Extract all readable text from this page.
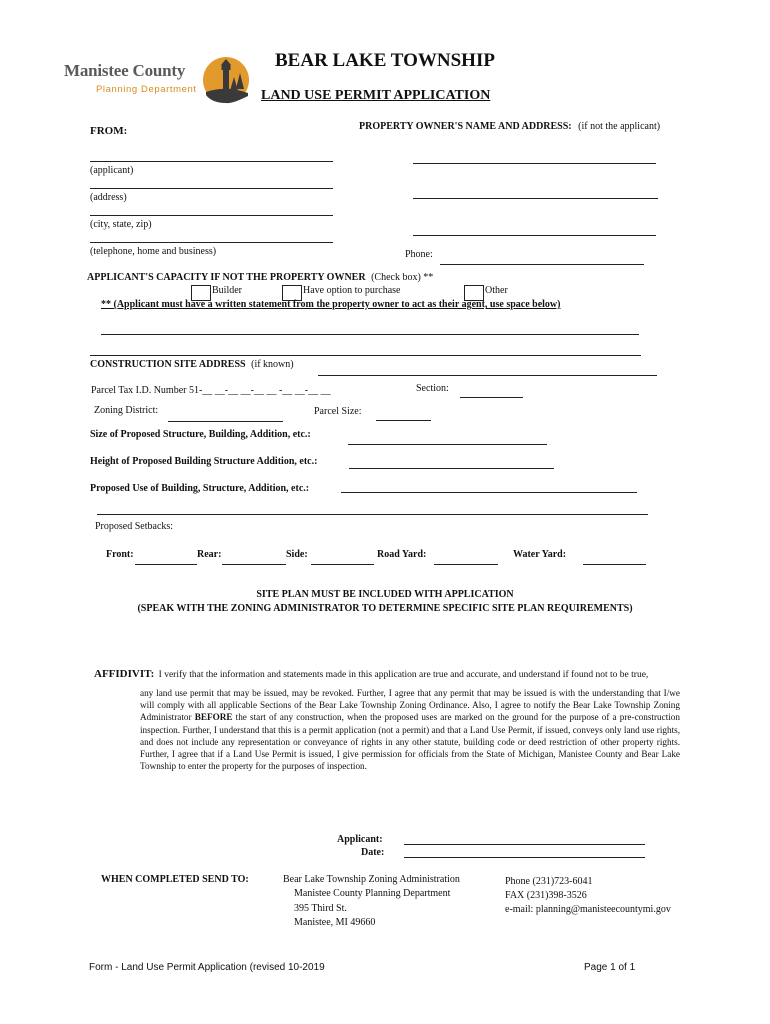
Manistee County
Planning Department
BEAR LAKE TOWNSHIP
LAND USE PERMIT APPLICATION
FROM:	PROPERTY OWNER'S NAME AND ADDRESS: (if not the applicant)
(applicant)
(address)
(city, state, zip)
(telephone, home and business)	Phone:
APPLICANT'S CAPACITY IF NOT THE PROPERTY OWNER (Check box) **
Builder	Have option to purchase	Other
** (Applicant must have a written statement from the property owner to act as their agent, use space below)
CONSTRUCTION SITE ADDRESS (if known)
Parcel Tax I.D. Number 51-__ __-__ __-__ __ -__ __-__ __	Section:
Zoning District:	Parcel Size:
Size of Proposed Structure, Building, Addition, etc.:
Height of Proposed Building Structure Addition, etc.:
Proposed Use of Building, Structure, Addition, etc.:
Proposed Setbacks:
Front:	Rear:	Side:	Road Yard:	Water Yard:
SITE PLAN MUST BE INCLUDED WITH APPLICATION
(SPEAK WITH THE ZONING ADMINISTRATOR TO DETERMINE SPECIFIC SITE PLAN REQUIREMENTS)
AFFIDIVIT: I verify that the information and statements made in this application are true and accurate, and understand if found not to be true,
any land use permit that may be issued, may be revoked. Further, I agree that any permit that may be issued is with the understanding that I/we will comply with all applicable Sections of the Bear Lake Township Zoning Ordinance. Also, I agree to notify the Bear Lake Township Zoning Administrator BEFORE the start of any construction, when the proposed uses are marked on the ground for the purpose of a pre-construction inspection. Further, I understand that this is a permit application (not a permit) and that a Land Use Permit, if issued, conveys only land use rights, and does not include any representation or conveyance of rights in any other statute, building code or deed restriction of other property rights. Further, I agree that if a Land Use Permit is issued, I give permission for officials from the State of Michigan, Manistee County and Bear Lake Township to enter the property for the purposes of inspection.
Applicant:
Date:
WHEN COMPLETED SEND TO:	Bear Lake Township Zoning Administration
Manistee County Planning Department
395 Third St.
Manistee, MI 49660
Phone (231)723-6041
FAX (231)398-3526
e-mail: planning@manisteecountymi.gov
Form - Land Use Permit Application (revised 10-2019	Page 1 of 1
